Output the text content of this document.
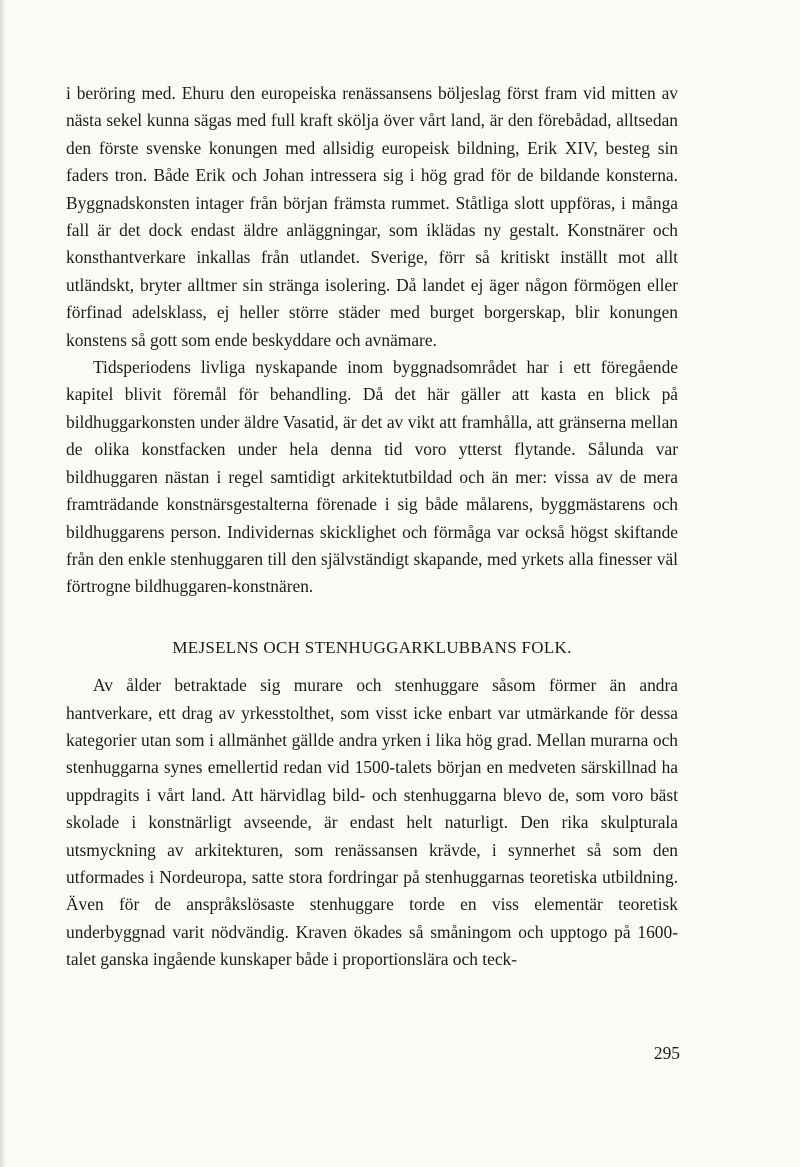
i beröring med. Ehuru den europeiska renässansens böljeslag först fram vid mitten av nästa sekel kunna sägas med full kraft skölja över vårt land, är den förebådad, alltsedan den förste svenske konungen med allsidig europeisk bildning, Erik XIV, besteg sin faders tron. Både Erik och Johan intressera sig i hög grad för de bildande konsterna. Byggnadskonsten intager från början främsta rummet. Ståtliga slott uppföras, i många fall är det dock endast äldre anläggningar, som iklädas ny gestalt. Konstnärer och konsthantverkare inkallas från utlandet. Sverige, förr så kritiskt inställt mot allt utländskt, bryter alltmer sin stränga isolering. Då landet ej äger någon förmögen eller förfinad adelsklass, ej heller större städer med burget borgerskap, blir konungen konstens så gott som ende beskyddare och avnämare.

Tidsperiodens livliga nyskapande inom byggnadsområdet har i ett föregående kapitel blivit föremål för behandling. Då det här gäller att kasta en blick på bildhuggarkonsten under äldre Vasatid, är det av vikt att framhålla, att gränserna mellan de olika konstfacken under hela denna tid voro ytterst flytande. Sålunda var bildhuggaren nästan i regel samtidigt arkitektutbildad och än mer: vissa av de mera framträdande konstnärsgestalterna förenade i sig både målarens, byggmästarens och bildhuggarens person. Individernas skicklighet och förmåga var också högst skiftande från den enkle stenhuggaren till den självständigt skapande, med yrkets alla finesser väl förtrogne bildhuggaren-konstnären.

MEJSELNS OCH STENHUGGARKLUBBANS FOLK.

Av ålder betraktade sig murare och stenhuggare såsom förmer än andra hantverkare, ett drag av yrkesstolthet, som visst icke enbart var utmärkande för dessa kategorier utan som i allmänhet gällde andra yrken i lika hög grad. Mellan murarna och stenhuggarna synes emellertid redan vid 1500-talets början en medveten särskillnad ha uppdragits i vårt land. Att härvidlag bild- och stenhuggarna blevo de, som voro bäst skolade i konstnärligt avseende, är endast helt naturligt. Den rika skulpturala utsmyckning av arkitekturen, som renässansen krävde, i synnerhet så som den utformades i Nordeuropa, satte stora fordringar på stenhuggarnas teoretiska utbildning. Även för de anspråkslösaste stenhuggare torde en viss elementär teoretisk underbyggnad varit nödvändig. Kraven ökades så småningom och upptogo på 1600-talet ganska ingående kunskaper både i proportionslära och teck-

295
